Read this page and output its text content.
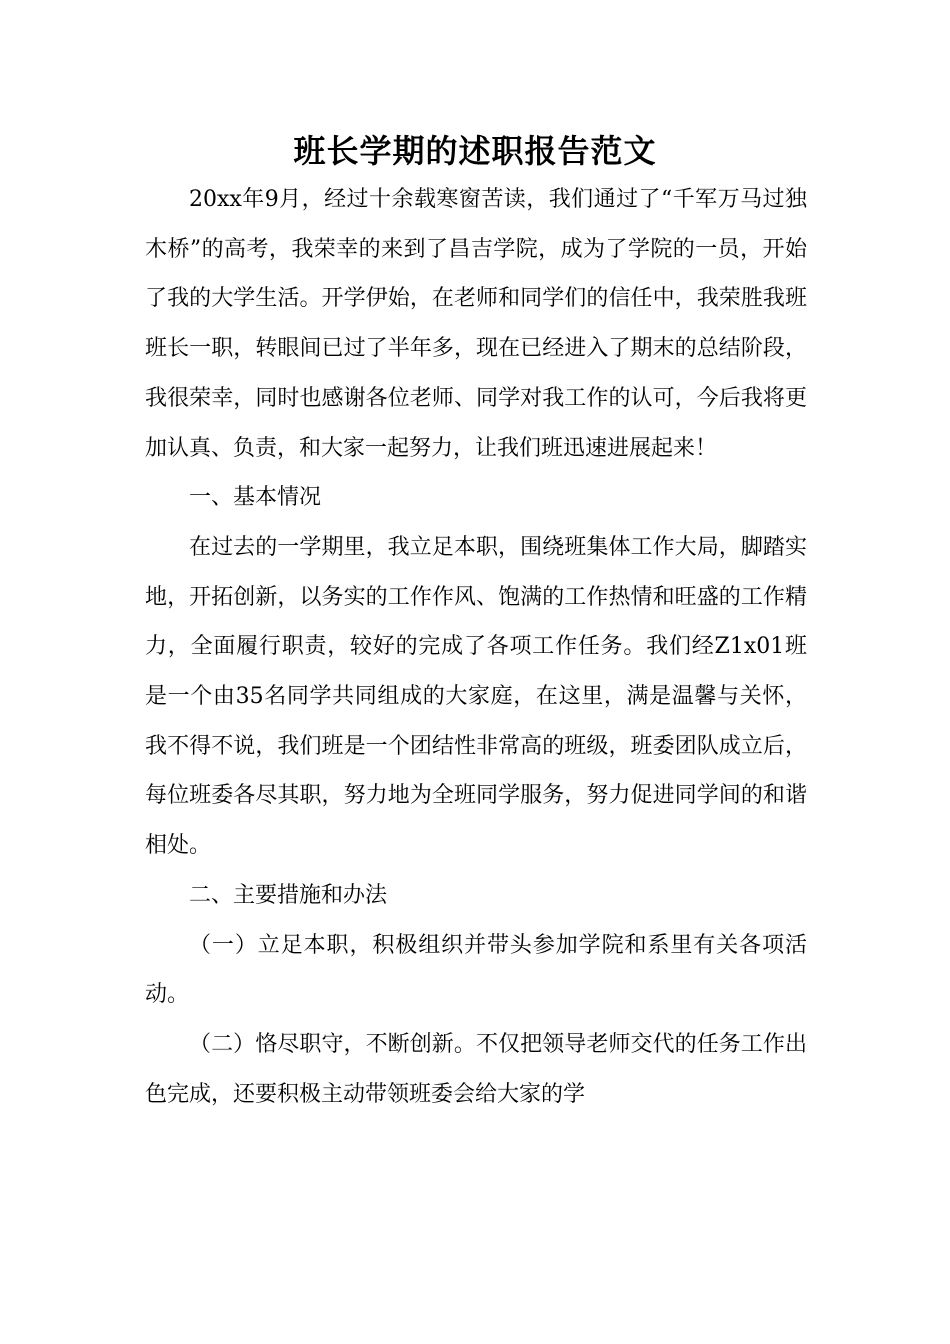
班长学期的述职报告范文

20xx年9月，经过十余载寒窗苦读，我们通过了“千军万马过独木桥”的高考，我荣幸的来到了昌吉学院，成为了学院的一员，开始了我的大学生活。开学伊始，在老师和同学们的信任中，我荣胜我班班长一职，转眼间已过了半年多，现在已经进入了期末的总结阶段，我很荣幸，同时也感谢各位老师、同学对我工作的认可，今后我将更加认真、负责，和大家一起努力，让我们班迅速进展起来！

一、基本情况

在过去的一学期里，我立足本职，围绕班集体工作大局，脚踏实地，开拓创新，以务实的工作作风、饱满的工作热情和旺盛的工作精力，全面履行职责，较好的完成了各项工作任务。我们经Z1x01班是一个由35名同学共同组成的大家庭，在这里，满是温馨与关怀，我不得不说，我们班是一个团结性非常高的班级，班委团队成立后，每位班委各尽其职，努力地为全班同学服务，努力促进同学间的和谐相处。

二、主要措施和办法

（一）立足本职，积极组织并带头参加学院和系里有关各项活动。

（二）恪尽职守，不断创新。不仅把领导老师交代的任务工作出色完成，还要积极主动带领班委会给大家的学
